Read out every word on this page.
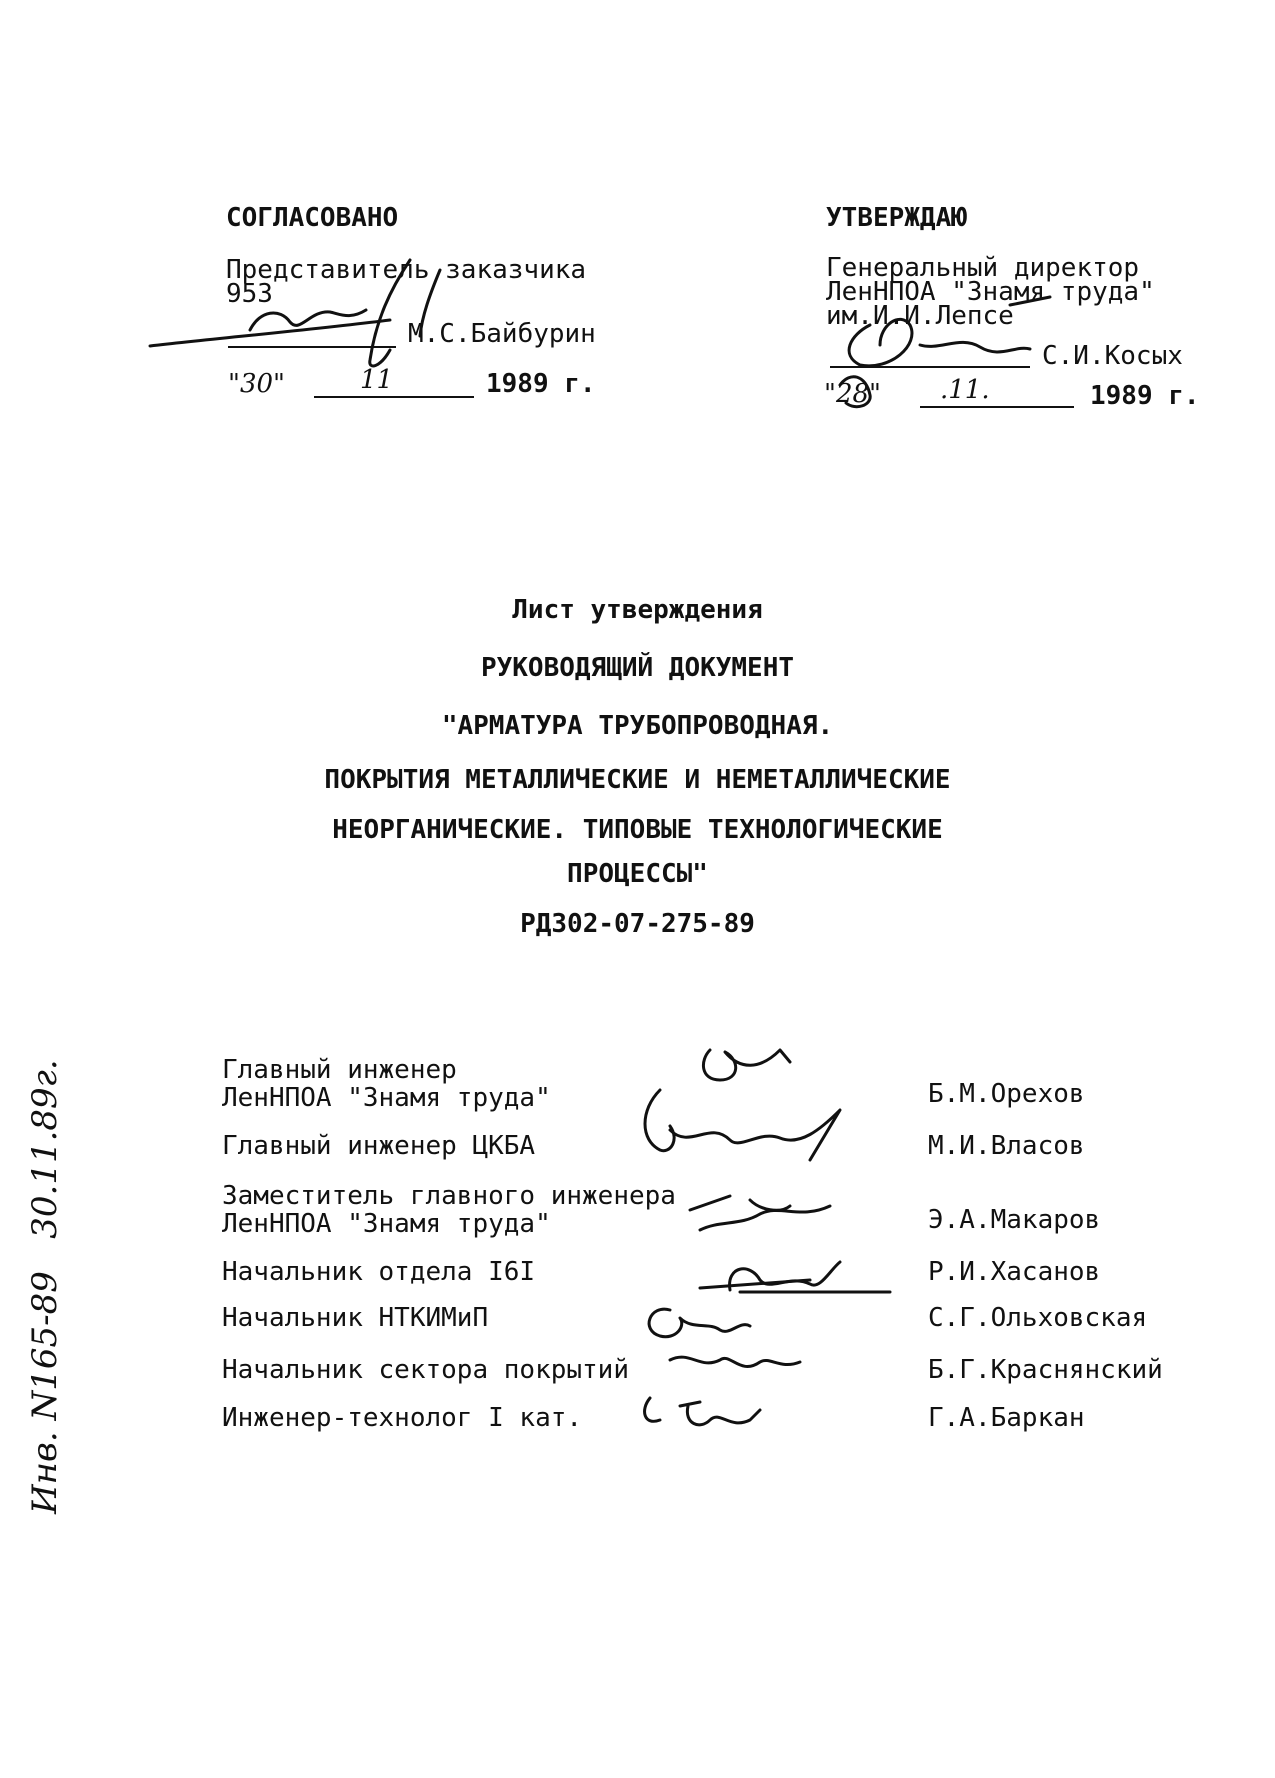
СОГЛАСОВАНО
Представитель заказчика
953
М.С.Байбурин
"30"	11	1989 г.
УТВЕРЖДАЮ
Генеральный директор
ЛенНПОА "Знамя труда"
им.И.И.Лепсе
С.И.Косых
"28" .11.	1989 г.
Лист утверждения
РУКОВОДЯЩИЙ ДОКУМЕНТ
"АРМАТУРА ТРУБОПРОВОДНАЯ.
ПОКРЫТИЯ МЕТАЛЛИЧЕСКИЕ И НЕМЕТАЛЛИЧЕСКИЕ
НЕОРГАНИЧЕСКИЕ. ТИПОВЫЕ ТЕХНОЛОГИЧЕСКИЕ
ПРОЦЕССЫ"
РД302-07-275-89
Главный инженер
ЛенНПОА "Знамя труда"	Б.М.Орехов
Главный инженер ЦКБА	М.И.Власов
Заместитель главного инженера
ЛенНПОА "Знамя труда"	Э.А.Макаров
Начальник отдела I6I	Р.И.Хасанов
Начальник НТКИМиП	С.Г.Ольховская
Начальник сектора покрытий	Б.Г.Краснянский
Инженер-технолог I кат.	Г.А.Баркан
Инв. N165-89   30.11.89г.
